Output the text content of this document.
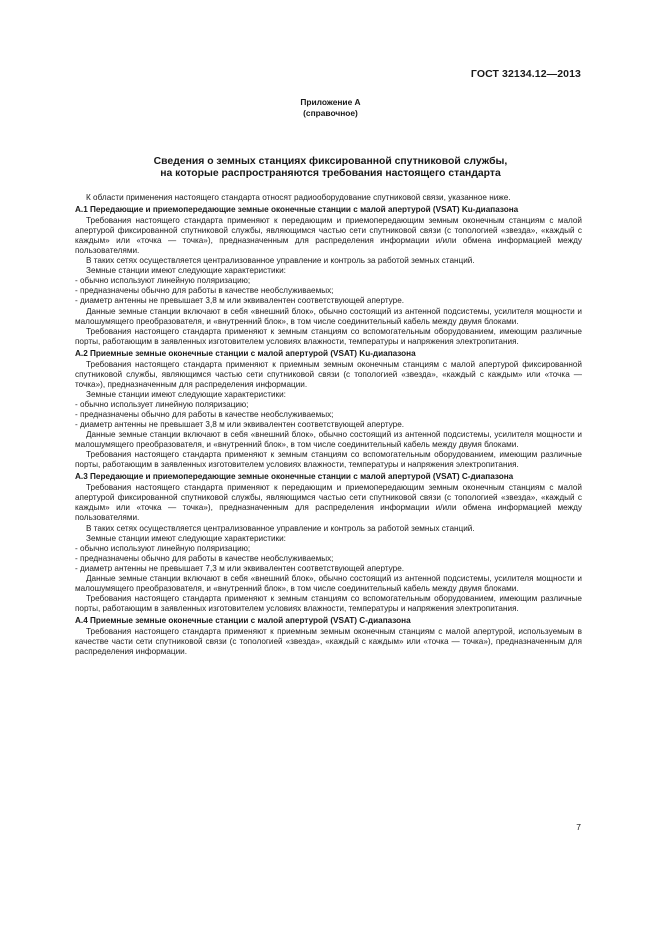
ГОСТ 32134.12—2013
Приложение А
(справочное)
Сведения о земных станциях фиксированной спутниковой службы,
на которые распространяются требования настоящего стандарта

К области применения настоящего стандарта относят радиооборудование спутниковой связи, указанное ниже.

А.1 Передающие и приемопередающие земные оконечные станции с малой апертурой (VSAT) Ku-диапазона

Требования настоящего стандарта применяют к передающим и приемопередающим земным оконечным станциям с малой апертурой фиксированной спутниковой службы, являющимся частью сети спутниковой связи (с топологией «звезда», «каждый с каждым» или «точка — точка»), предназначенным для распределения информации и/или обмена информацией между пользователями.

В таких сетях осуществляется централизованное управление и контроль за работой земных станций.

Земные станции имеют следующие характеристики:

- обычно используют линейную поляризацию;

- предназначены обычно для работы в качестве необслуживаемых;

- диаметр антенны не превышает 3,8 м или эквивалентен соответствующей апертуре.

Данные земные станции включают в себя «внешний блок», обычно состоящий из антенной подсистемы, усилителя мощности и малошумящего преобразователя, и «внутренний блок», в том числе соединительный кабель между двумя блоками.

Требования настоящего стандарта применяют к земным станциям со вспомогательным оборудованием, имеющим различные порты, работающим в заявленных изготовителем условиях влажности, температуры и напряжения электропитания.

А.2 Приемные земные оконечные станции с малой апертурой (VSAT) Ku-диапазона

Требования настоящего стандарта применяют к приемным земным оконечным станциям с малой апертурой фиксированной спутниковой службы, являющимся частью сети спутниковой связи (с топологией «звезда», «каждый с каждым» или «точка — точка»), предназначенным для распределения информации.

Земные станции имеют следующие характеристики:

- обычно использует линейную поляризацию;

- предназначены обычно для работы в качестве необслуживаемых;

- диаметр антенны не превышает 3,8 м или эквивалентен соответствующей апертуре.

Данные земные станции включают в себя «внешний блок», обычно состоящий из антенной подсистемы, усилителя мощности и малошумящего преобразователя, и «внутренний блок», в том числе соединительный кабель между двумя блоками.

Требования настоящего стандарта применяют к земным станциям со вспомогательным оборудованием, имеющим различные порты, работающим в заявленных изготовителем условиях влажности, температуры и напряжения электропитания.

А.3 Передающие и приемопередающие земные оконечные станции с малой апертурой (VSAT) С-диапазона

Требования настоящего стандарта применяют к передающим и приемопередающим земным оконечным станциям с малой апертурой фиксированной спутниковой службы, являющимся частью сети спутниковой связи (с топологией «звезда», «каждый с каждым» или «точка — точка»), предназначенным для распределения информации и/или обмена информацией между пользователями.

В таких сетях осуществляется централизованное управление и контроль за работой земных станций.

Земные станции имеют следующие характеристики:

- обычно используют линейную поляризацию;

- предназначены обычно для работы в качестве необслуживаемых;

- диаметр антенны не превышает 7,3 м или эквивалентен соответствующей апертуре.

Данные земные станции включают в себя «внешний блок», обычно состоящий из антенной подсистемы, усилителя мощности и малошумящего преобразователя, и «внутренний блок», в том числе соединительный кабель между двумя блоками.

Требования настоящего стандарта применяют к земным станциям со вспомогательным оборудованием, имеющим различные порты, работающим в заявленных изготовителем условиях влажности, температуры и напряжения электропитания.

А.4 Приемные земные оконечные станции с малой апертурой (VSAT) С-диапазона

Требования настоящего стандарта применяют к приемным земным оконечным станциям с малой апертурой, используемым в качестве части сети спутниковой связи (с топологией «звезда», «каждый с каждым» или «точка — точка»), предназначенным для распределения информации.

7
